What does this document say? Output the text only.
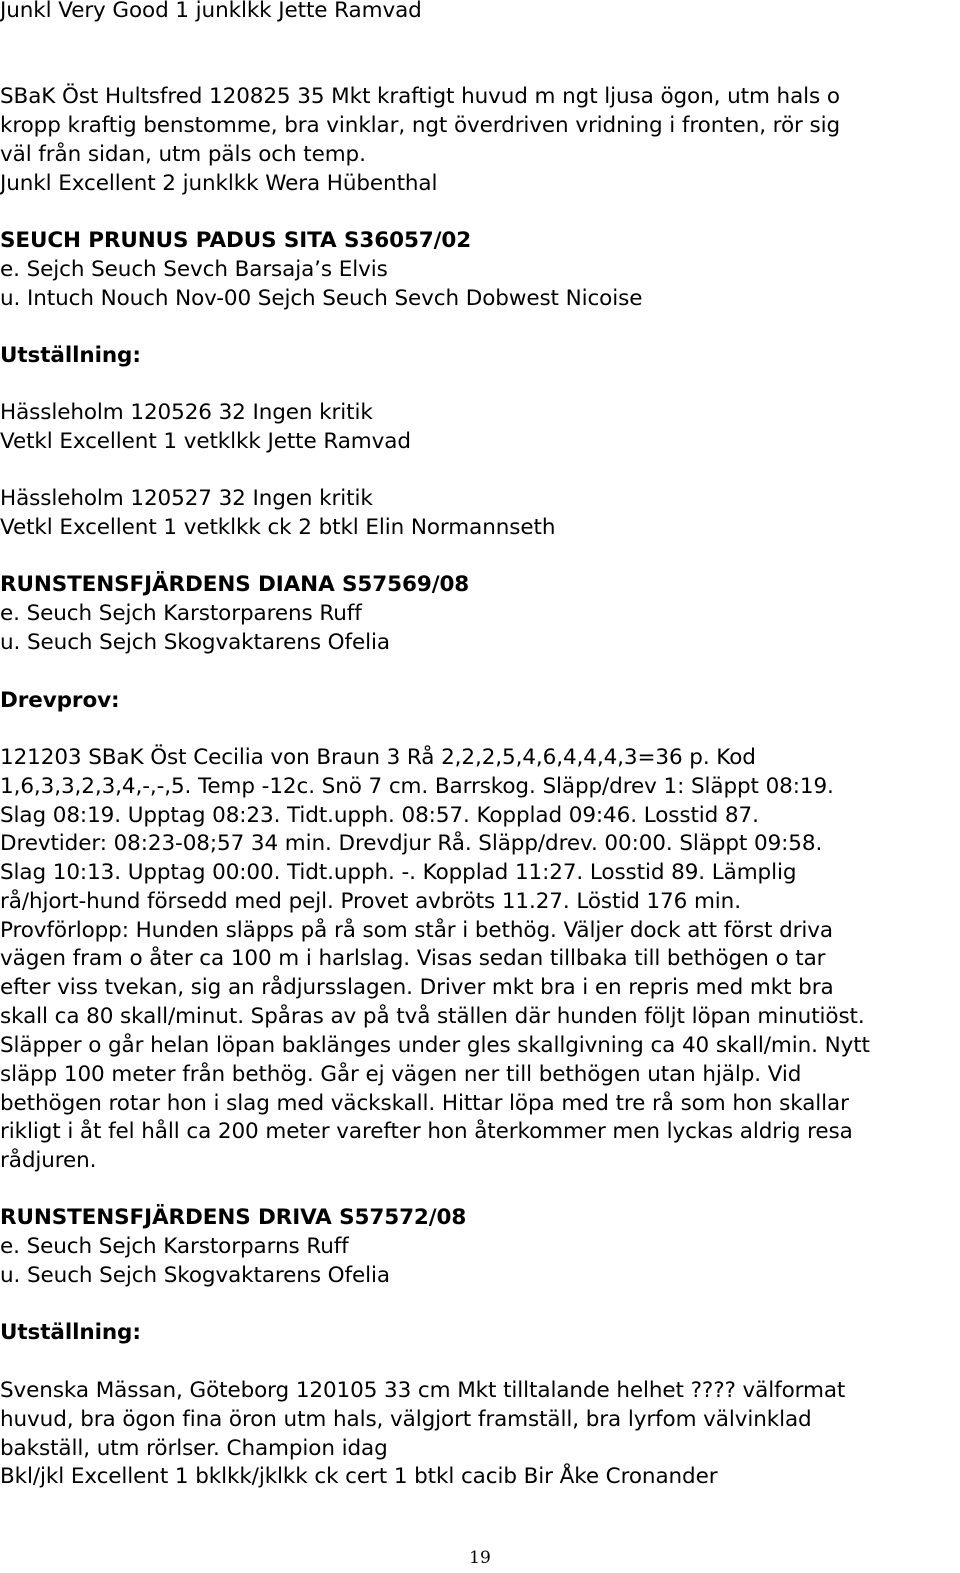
Junkl Very Good 1 junklkk Jette Ramvad
SBaK Öst Hultsfred 120825 35 Mkt kraftigt huvud m ngt ljusa ögon, utm hals o
kropp kraftig benstomme, bra vinklar, ngt överdriven vridning i fronten, rör sig
väl från sidan, utm päls och temp.
Junkl Excellent 2 junklkk Wera Hübenthal
SEUCH PRUNUS PADUS SITA S36057/02
e. Sejch Seuch Sevch Barsaja’s Elvis
u. Intuch Nouch Nov-00 Sejch Seuch Sevch Dobwest Nicoise
Utställning:
Hässleholm 120526 32 Ingen kritik
Vetkl Excellent 1 vetklkk Jette Ramvad
Hässleholm 120527 32 Ingen kritik
Vetkl Excellent 1 vetklkk ck 2 btkl Elin Normannseth
RUNSTENSFJÄRDENS DIANA S57569/08
e. Seuch Sejch Karstorparens Ruff
u. Seuch Sejch Skogvaktarens Ofelia
Drevprov:
121203 SBaK Öst Cecilia von Braun 3 Rå 2,2,2,5,4,6,4,4,4,3=36 p. Kod
1,6,3,3,2,3,4,-,-,5. Temp -12c. Snö 7 cm. Barrskog. Släpp/drev 1: Släppt 08:19.
Slag 08:19. Upptag 08:23. Tidt.upph. 08:57. Kopplad 09:46. Losstid 87.
Drevtider: 08:23-08;57 34 min. Drevdjur Rå. Släpp/drev. 00:00. Släppt 09:58.
Slag 10:13. Upptag 00:00. Tidt.upph. -. Kopplad 11:27. Losstid 89. Lämplig
rå/hjort-hund försedd med pejl. Provet avbröts 11.27. Löstid 176 min.
Provförlopp: Hunden släpps på rå som står i bethög. Väljer dock att först driva
vägen fram o åter ca 100 m i harlslag. Visas sedan tillbaka till bethögen o tar
efter viss tvekan, sig an rådjursslagen. Driver mkt bra i en repris med mkt bra
skall ca 80 skall/minut. Spåras av på två ställen där hunden följt löpan minutiöst.
Släpper o går helan löpan baklänges under gles skallgivning ca 40 skall/min. Nytt
släpp 100 meter från bethög. Går ej vägen ner till bethögen utan hjälp. Vid
bethögen rotar hon i slag med väckskall. Hittar löpa med tre rå som hon skallar
rikligt i åt fel håll ca 200 meter varefter hon återkommer men lyckas aldrig resa
rådjuren.
RUNSTENSFJÄRDENS DRIVA S57572/08
e. Seuch Sejch Karstorparns Ruff
u. Seuch Sejch Skogvaktarens Ofelia
Utställning:
Svenska Mässan, Göteborg 120105 33 cm Mkt tilltalande helhet ???? välformat
huvud, bra ögon fina öron utm hals, välgjort framställ, bra lyrfom välvinklad
bakställ, utm rörlser. Champion idag
Bkl/jkl Excellent 1 bklkk/jklkk ck cert 1 btkl cacib Bir Åke Cronander
19
